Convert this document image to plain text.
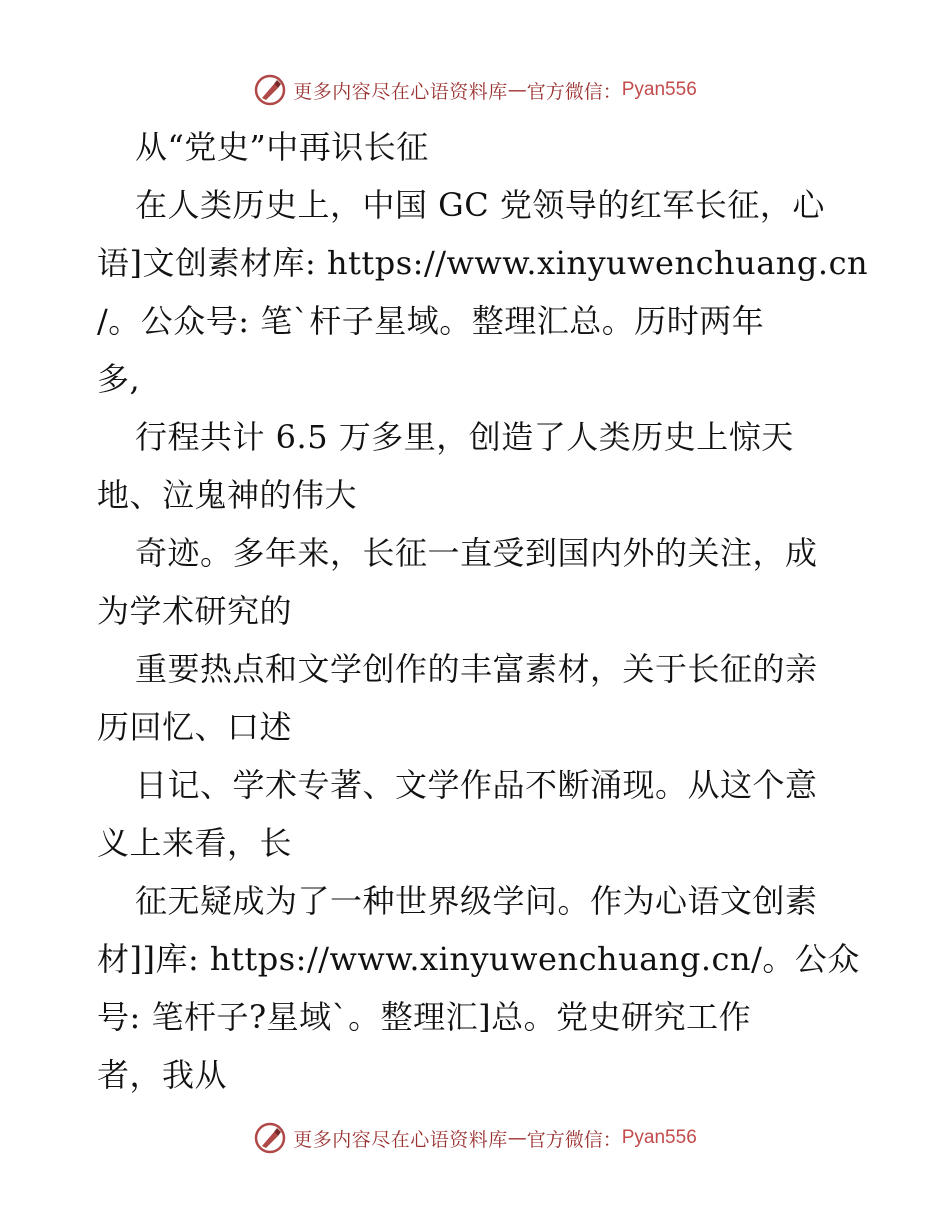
更多内容尽在心语资料库 — 官方微信： Pyan556
从“党史”中再识长征
在人类历史上，中国 GC 党领导的红军长征，心
语]文创素材库: https://www.xinyuwenchuang.cn
/。公众号: 笔`杆子星域。整理汇总。历时两年
多,
行程共计 6.5 万多里，创造了人类历史上惊天
地、泣鬼神的伟大
奇迹。多年来，长征一直受到国内外的关注，成
为学术研究的
重要热点和文学创作的丰富素材，关于长征的亲
历回忆、口述
日记、学术专著、文学作品不断涌现。从这个意
义上来看，长
征无疑成为了一种世界级学问。作为心语文创素
材]]库: https://www.xinyuwenchuang.cn/。公众
号: 笔杆子?星域`。整理汇]总。党史研究工作
者，我从
更多内容尽在心语资料库 — 官方微信： Pyan556
